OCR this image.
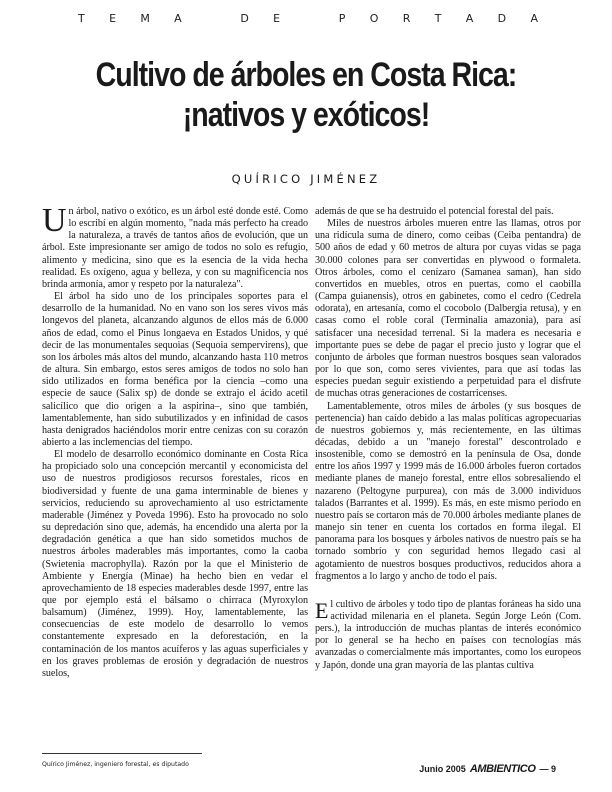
T E M A	D E	P O R T A D A
Cultivo de árboles en Costa Rica:
¡nativos y exóticos!
QUÍRICO JIMÉNEZ

Un árbol, nativo o exótico, es un árbol esté donde esté. Como lo escribí en algún momento, "nada más perfecto ha creado la naturaleza, a través de tantos años de evolución, que un árbol. Este impresionante ser amigo de todos no solo es refugio, alimento y medicina, sino que es la esencia de la vida hecha realidad. Es oxígeno, agua y belleza, y con su magnificencia nos brinda armonía, amor y respeto por la naturaleza".

El árbol ha sido uno de los principales soportes para el desarrollo de la humanidad. No en vano son los seres vivos más longevos del planeta, alcanzando algunos de ellos más de 6.000 años de edad, como el Pinus longaeva en Estados Unidos, y qué decir de las monumentales sequoias (Sequoia sempervirens), que son los árboles más altos del mundo, alcanzando hasta 110 metros de altura. Sin embargo, estos seres amigos de todos no solo han sido utilizados en forma benéfica por la ciencia –como una especie de sauce (Salix sp) de donde se extrajo el ácido acetil salicílico que dio origen a la aspirina–, sino que también, lamentablemente, han sido subutilizados y en infinidad de casos hasta denigrados haciéndolos morir entre cenizas con su corazón abierto a las inclemencias del tiempo.

El modelo de desarrollo económico dominante en Costa Rica ha propiciado solo una concepción mercantil y economicista del uso de nuestros prodigiosos recursos forestales, ricos en biodiversidad y fuente de una gama interminable de bienes y servicios, reduciendo su aprovechamiento al uso estrictamente maderable (Jiménez y Poveda 1996). Esto ha provocado no solo su depredación sino que, además, ha encendido una alerta por la degradación genética a que han sido sometidos muchos de nuestros árboles maderables más importantes, como la caoba (Swietenia macrophylla). Razón por la que el Ministerio de Ambiente y Energía (Minae) ha hecho bien en vedar el aprovechamiento de 18 especies maderables desde 1997, entre las que por ejemplo está el bálsamo o chirraca (Myroxylon balsamum) (Jiménez, 1999). Hoy, lamentablemente, las consecuencias de este modelo de desarrollo lo vemos constantemente expresado en la deforestación, en la contaminación de los mantos acuíferos y las aguas superficiales y en los graves problemas de erosión y degradación de nuestros suelos,

además de que se ha destruido el potencial forestal del país.

Miles de nuestros árboles mueren entre las llamas, otros por una ridícula suma de dinero, como ceibas (Ceiba pentandra) de 500 años de edad y 60 metros de altura por cuyas vidas se paga 30.000 colones para ser convertidas en plywood o formaleta. Otros árboles, como el cenízaro (Samanea saman), han sido convertidos en muebles, otros en puertas, como el caobilla (Campa guianensis), otros en gabinetes, como el cedro (Cedrela odorata), en artesanía, como el cocobolo (Dalbergia retusa), y en casas como el roble coral (Terminalia amazonia), para así satisfacer una necesidad terrenal. Si la madera es necesaria e importante pues se debe de pagar el precio justo y lograr que el conjunto de árboles que forman nuestros bosques sean valorados por lo que son, como seres vivientes, para que así todas las especies puedan seguir existiendo a perpetuidad para el disfrute de muchas otras generaciones de costarricenses.

Lamentablemente, otros miles de árboles (y sus bosques de pertenencia) han caído debido a las malas políticas agropecuarias de nuestros gobiernos y, más recientemente, en las últimas décadas, debido a un "manejo forestal" descontrolado e insostenible, como se demostró en la península de Osa, donde entre los años 1997 y 1999 más de 16.000 árboles fueron cortados mediante planes de manejo forestal, entre ellos sobresaliendo el nazareno (Peltogyne purpurea), con más de 3.000 individuos talados (Barrantes et al. 1999). Es más, en este mismo periodo en nuestro país se cortaron más de 70.000 árboles mediante planes de manejo sin tener en cuenta los cortados en forma ilegal. El panorama para los bosques y árboles nativos de nuestro país se ha tornado sombrío y con seguridad hemos llegado casi al agotamiento de nuestros bosques productivos, reducidos ahora a fragmentos a lo largo y ancho de todo el país.

El cultivo de árboles y todo tipo de plantas foráneas ha sido una actividad milenaria en el planeta. Según Jorge León (Com. pers.), la introducción de muchas plantas de interés económico por lo general se ha hecho en países con tecnologías más avanzadas o comercialmente más importantes, como los europeos y Japón, donde una gran mayoría de las plantas cultiva

Quírico Jiménez, ingeniero forestal, es diputado	Junio 2005 AMBIENTICO — 9
